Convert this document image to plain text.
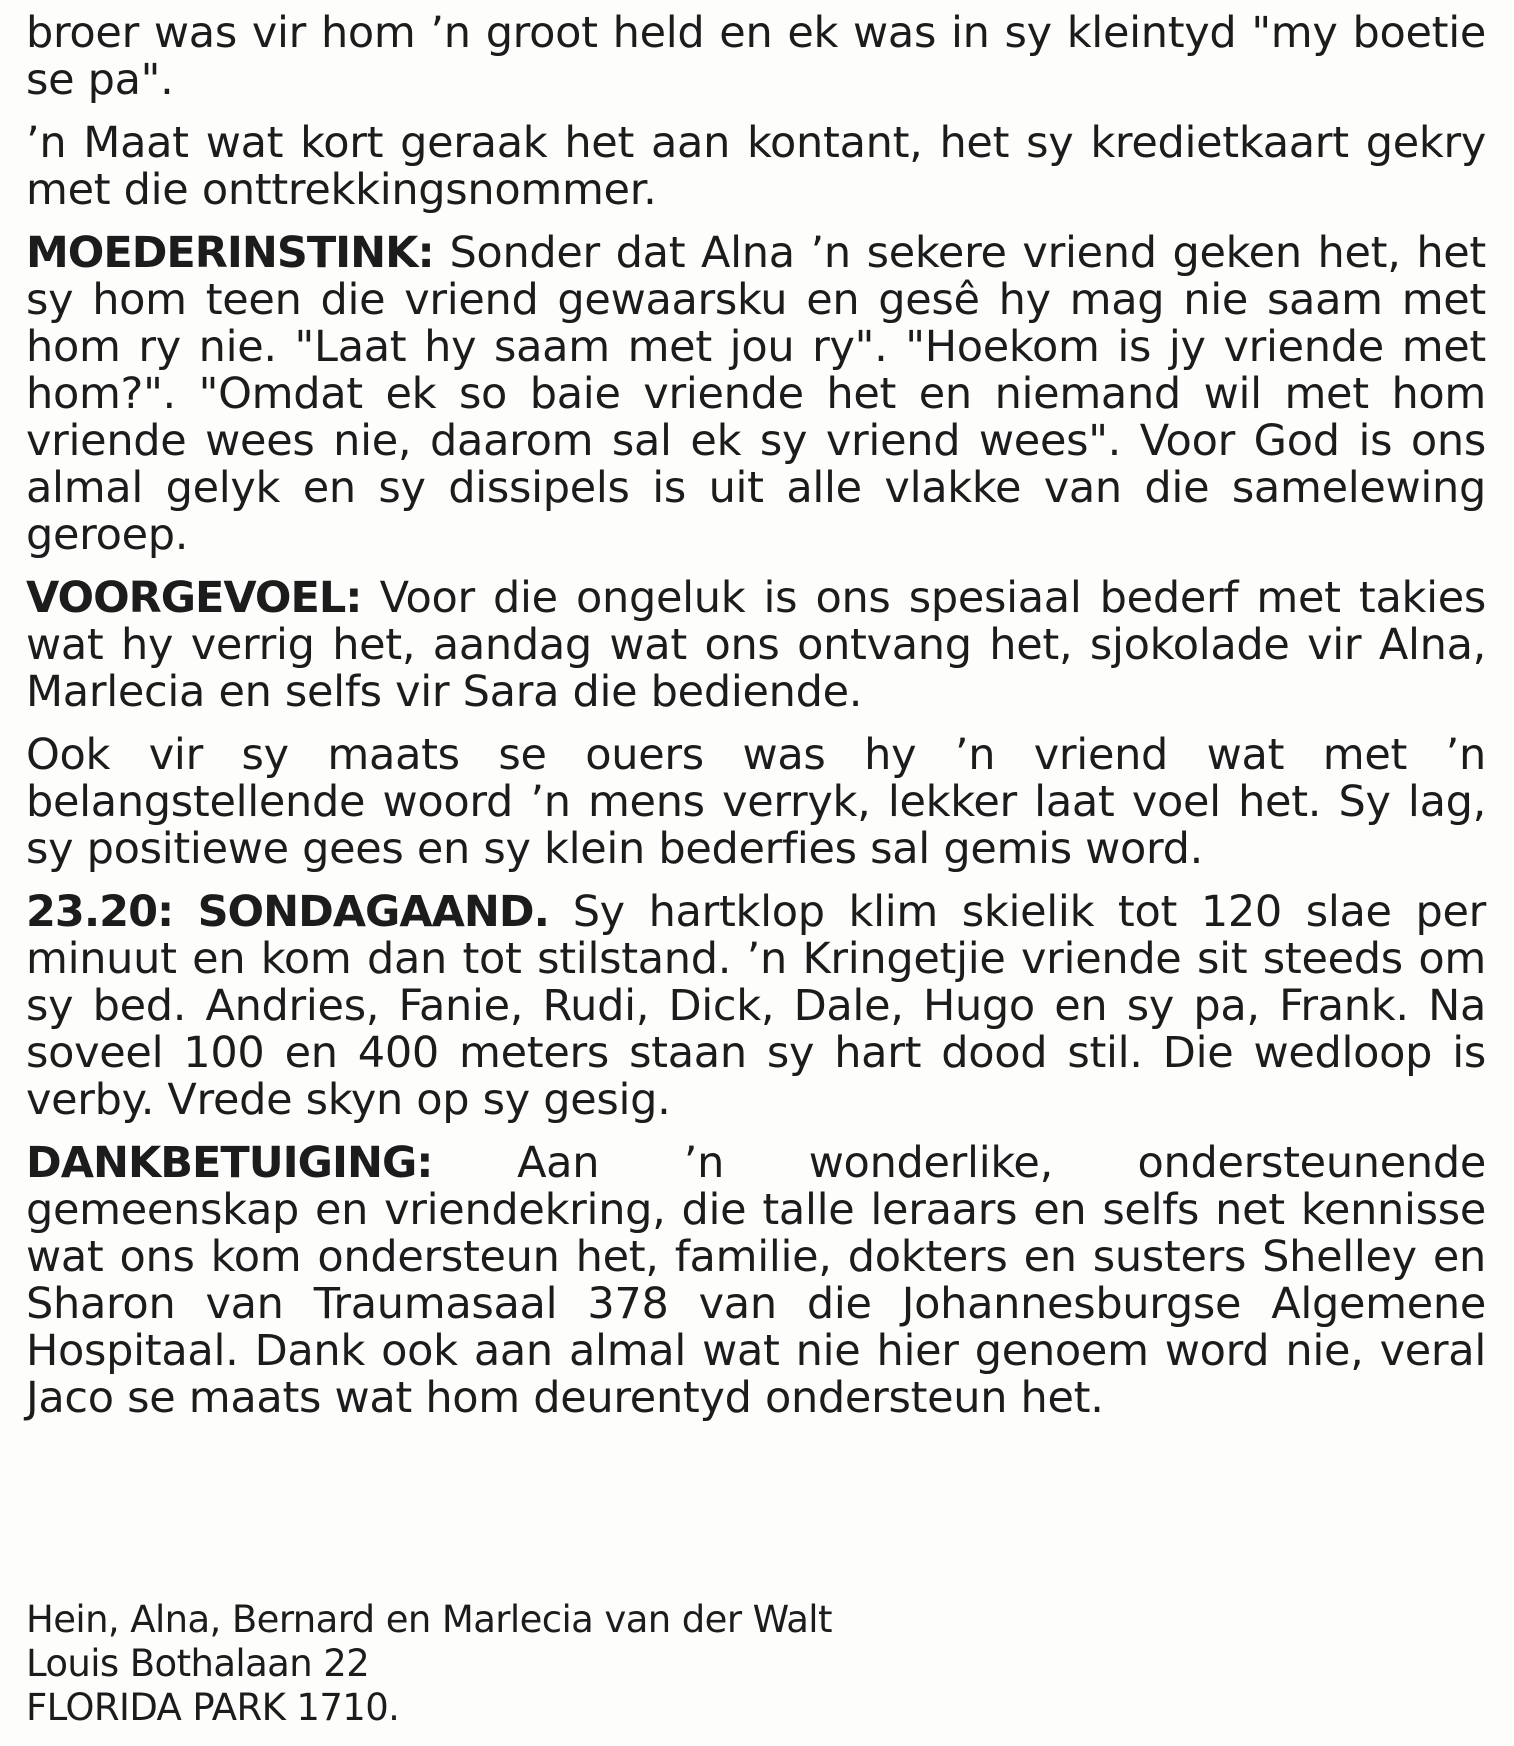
broer was vir hom ’n groot held en ek was in sy kleintyd "my boetie se pa".

’n Maat wat kort geraak het aan kontant, het sy kredietkaart gekry met die onttrekkingsnommer.

MOEDERINSTINK: Sonder dat Alna ’n sekere vriend geken het, het sy hom teen die vriend gewaarsku en gesê hy mag nie saam met hom ry nie. "Laat hy saam met jou ry". "Hoekom is jy vriende met hom?". "Omdat ek so baie vriende het en niemand wil met hom vriende wees nie, daarom sal ek sy vriend wees". Voor God is ons almal gelyk en sy dissipels is uit alle vlakke van die samelewing geroep.

VOORGEVOEL: Voor die ongeluk is ons spesiaal bederf met takies wat hy verrig het, aandag wat ons ontvang het, sjokolade vir Alna, Marlecia en selfs vir Sara die bediende.

Ook vir sy maats se ouers was hy ’n vriend wat met ’n belangstellende woord ’n mens verryk, lekker laat voel het. Sy lag, sy positiewe gees en sy klein bederfies sal gemis word.

23.20: SONDAGAAND. Sy hartklop klim skielik tot 120 slae per minuut en kom dan tot stilstand. ’n Kringetjie vriende sit steeds om sy bed. Andries, Fanie, Rudi, Dick, Dale, Hugo en sy pa, Frank. Na soveel 100 en 400 meters staan sy hart dood stil. Die wedloop is verby. Vrede skyn op sy gesig.

DANKBETUIGING: Aan ’n wonderlike, ondersteunende gemeenskap en vriendekring, die talle leraars en selfs net kennisse wat ons kom ondersteun het, familie, dokters en susters Shelley en Sharon van Traumasaal 378 van die Johannesburgse Algemene Hospitaal. Dank ook aan almal wat nie hier genoem word nie, veral Jaco se maats wat hom deurentyd ondersteun het.

Hein, Alna, Bernard en Marlecia van der Walt
Louis Bothalaan 22
FLORIDA PARK 1710.
